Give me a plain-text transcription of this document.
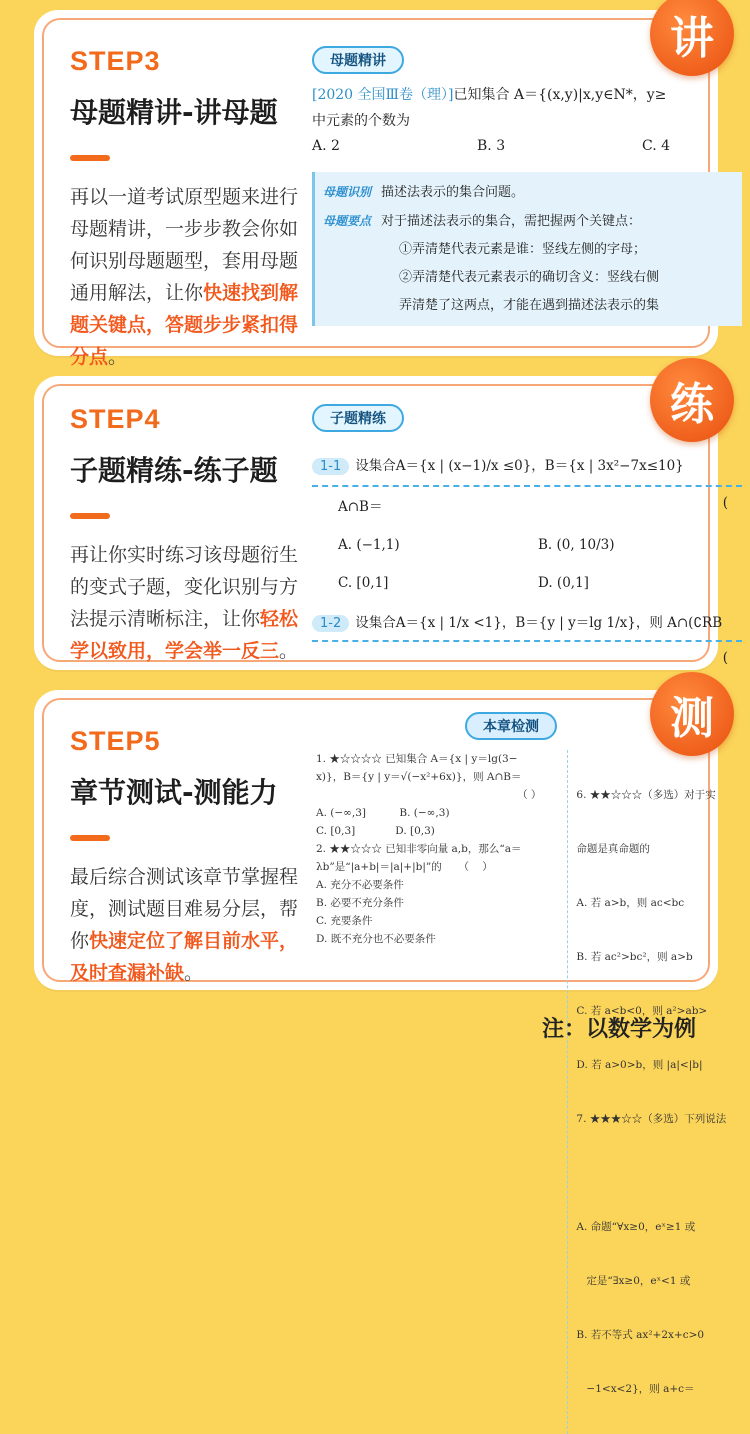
讲
STEP3
母题精讲-讲母题
再以一道考试原型题来进行母题精讲，一步步教会你如何识别母题题型，套用母题通用解法，让你快速找到解题关键点，答题步步紧扣得分点。
母题精讲
[2020 全国Ⅲ卷（理）]已知集合 A＝{(x,y)|x,y∈N*，y≥
中元素的个数为
A. 2	B. 3	C. 4
母题识别 描述法表示的集合问题。
母题要点 对于描述法表示的集合，需把握两个关键点：
①弄清楚代表元素是谁：竖线左侧的字母；
②弄清楚代表元素表示的确切含义：竖线右侧
弄清楚了这两点，才能在遇到描述法表示的集
练
STEP4
子题精练-练子题
再让你实时练习该母题衍生的变式子题，变化识别与方法提示清晰标注，让你轻松学以致用，学会举一反三。
子题精练
1-1 设集合A＝{x | (x−1)/x ≤0}，B＝{x | 3x²−7x≤10}
A∩B＝	(
A. (−1,1)	B. (0, 10/3)
C. [0,1]	D. (0,1]
1-2 设集合A＝{x | 1/x <1}，B＝{y | y＝lg 1/x}，则 A∩(∁RB
(
测
STEP5
章节测试-测能力
最后综合测试该章节掌握程度，测试题目难易分层，帮你快速定位了解目前水平，及时查漏补缺。
本章检测
1. ★☆☆☆☆ 已知集合 A＝{x | y＝lg(3−
x)}，B＝{y | y＝√(−x²+6x)}，则 A∩B＝
（ ）
A. (−∞,3]          B. (−∞,3)
C. [0,3]            D. [0,3)
2. ★★☆☆☆ 已知非零向量 a,b，那么“a＝
λb”是“|a+b|＝|a|+|b|”的     （    ）
A. 充分不必要条件
B. 必要不充分条件
C. 充要条件
D. 既不充分也不必要条件

6. ★★☆☆☆（多选）对于实

命题是真命题的

A. 若 a>b，则 ac<bc

B. 若 ac²>bc²，则 a>b

C. 若 a<b<0，则 a²>ab>

D. 若 a>0>b，则 |a|<|b|

7. ★★★☆☆（多选）下列说法

A. 命题“∀x≥0，eˣ≥1 或

定是“∃x≥0，eˣ<1 或

B. 若不等式 ax²+2x+c>0

−1<x<2}，则 a+c＝

注：以数学为例
